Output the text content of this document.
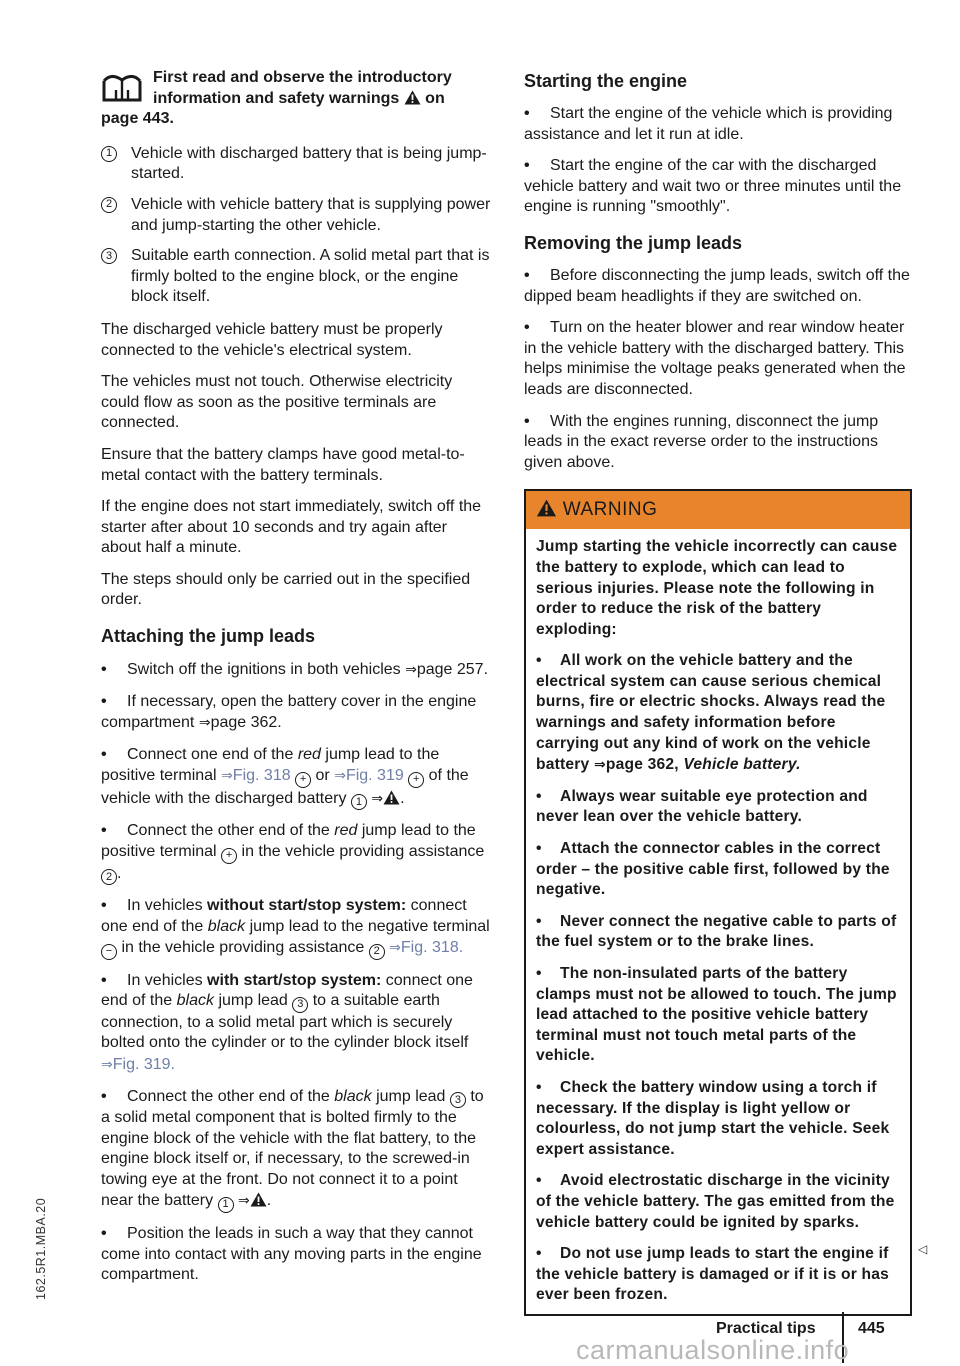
First read and observe the introductory
information and safety warnings on
page 443.
1	Vehicle with discharged battery that is being jump-started.
2	Vehicle with vehicle battery that is supplying power and jump-starting the other vehicle.
3	Suitable earth connection. A solid metal part that is firmly bolted to the engine block, or the engine block itself.

The discharged vehicle battery must be properly connected to the vehicle's electrical system.

The vehicles must not touch. Otherwise electricity could flow as soon as the positive terminals are connected.

Ensure that the battery clamps have good metal-to-metal contact with the battery terminals.

If the engine does not start immediately, switch off the starter after about 10 seconds and try again after about half a minute.

The steps should only be carried out in the specified order.

Attaching the jump leads

• Switch off the ignitions in both vehicles ⇒page 257.

• If necessary, open the battery cover in the engine compartment ⇒page 362.

• Connect one end of the red jump lead to the positive terminal ⇒Fig. 318 + or ⇒Fig. 319 + of the vehicle with the discharged battery 1 ⇒ .

• Connect the other end of the red jump lead to the positive terminal + in the vehicle providing assistance 2 .

• In vehicles without start/stop system: connect one end of the black jump lead to the negative terminal − in the vehicle providing assistance 2 ⇒Fig. 318.

• In vehicles with start/stop system: connect one end of the black jump lead 3 to a suitable earth connection, to a solid metal part which is securely bolted onto the cylinder or to the cylinder block itself ⇒Fig. 319.

• Connect the other end of the black jump lead 3 to a solid metal component that is bolted firmly to the engine block of the vehicle with the flat battery, to the engine block itself or, if necessary, to the screwed-in towing eye at the front. Do not connect it to a point near the battery 1 ⇒ .

• Position the leads in such a way that they cannot come into contact with any moving parts in the engine compartment.

Starting the engine

• Start the engine of the vehicle which is providing assistance and let it run at idle.

• Start the engine of the car with the discharged vehicle battery and wait two or three minutes until the engine is running "smoothly".

Removing the jump leads

• Before disconnecting the jump leads, switch off the dipped beam headlights if they are switched on.

• Turn on the heater blower and rear window heater in the vehicle battery with the discharged battery. This helps minimise the voltage peaks generated when the leads are disconnected.

• With the engines running, disconnect the jump leads in the exact reverse order to the instructions given above.

WARNING

Jump starting the vehicle incorrectly can cause the battery to explode, which can lead to serious injuries. Please note the following in order to reduce the risk of the battery exploding:

• All work on the vehicle battery and the electrical system can cause serious chemical burns, fire or electric shocks. Always read the warnings and safety information before carrying out any kind of work on the vehicle battery ⇒page 362, Vehicle battery.

• Always wear suitable eye protection and never lean over the vehicle battery.

• Attach the connector cables in the correct order – the positive cable first, followed by the negative.

• Never connect the negative cable to parts of the fuel system or to the brake lines.

• The non-insulated parts of the battery clamps must not be allowed to touch. The jump lead attached to the positive vehicle battery terminal must not touch metal parts of the vehicle.

• Check the battery window using a torch if necessary. If the display is light yellow or colourless, do not jump start the vehicle. Seek expert assistance.

• Avoid electrostatic discharge in the vicinity of the vehicle battery. The gas emitted from the vehicle battery could be ignited by sparks.

• Do not use jump leads to start the engine if the vehicle battery is damaged or if it is or has ever been frozen.

◁
162.5R1.MBA.20
Practical tips	445
carmanualsonline.info
